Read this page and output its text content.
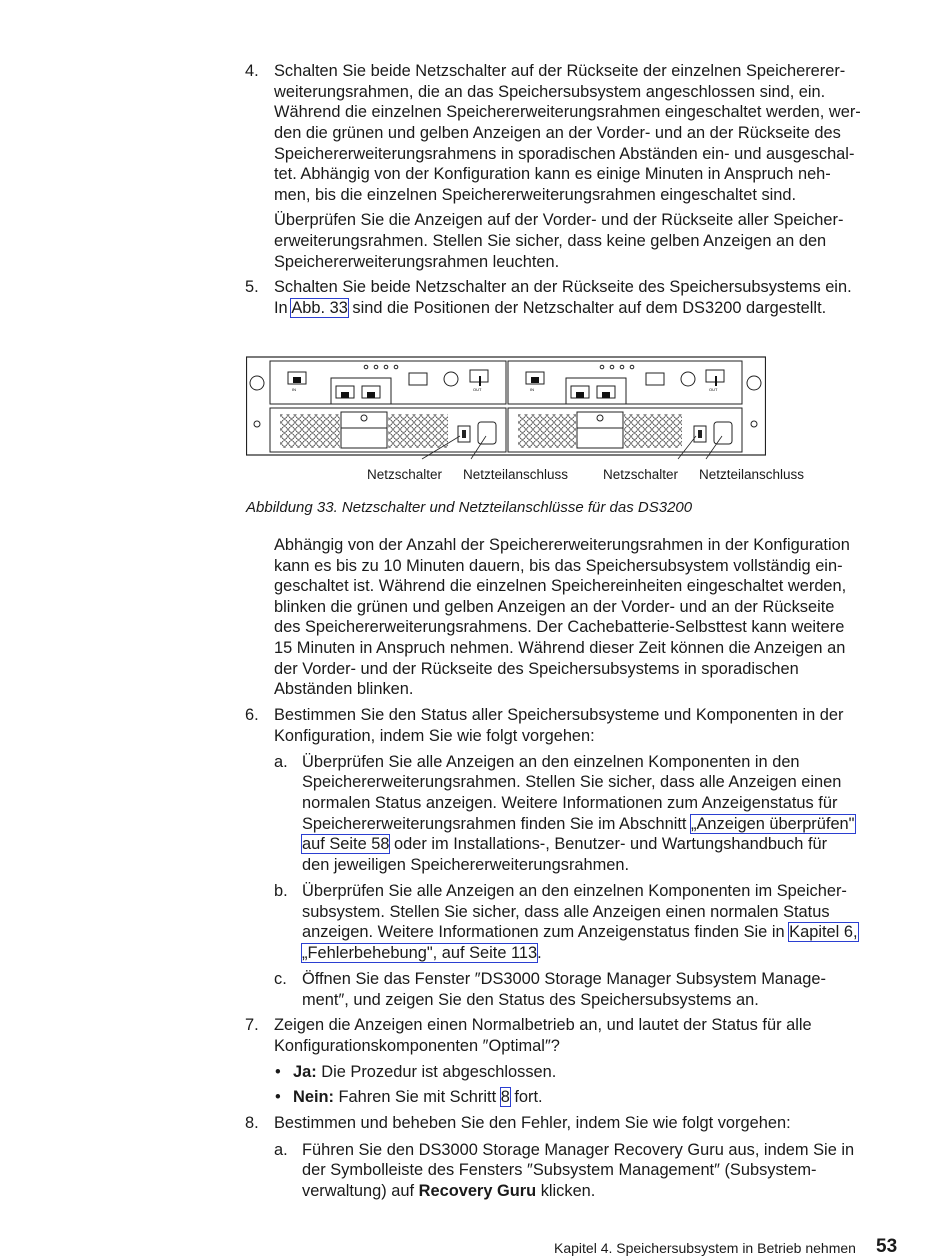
4. Schalten Sie beide Netzschalter auf der Rückseite der einzelnen Speichererer-

weiterungsrahmen, die an das Speichersubsystem angeschlossen sind, ein.

Während die einzelnen Speichererweiterungsrahmen eingeschaltet werden, wer-

den die grünen und gelben Anzeigen an der Vorder- und an der Rückseite des

Speichererweiterungsrahmens in sporadischen Abständen ein- und ausgeschal-

tet. Abhängig von der Konfiguration kann es einige Minuten in Anspruch neh-

men, bis die einzelnen Speichererweiterungsrahmen eingeschaltet sind.

Überprüfen Sie die Anzeigen auf der Vorder- und der Rückseite aller Speicher-

erweiterungsrahmen. Stellen Sie sicher, dass keine gelben Anzeigen an den

Speichererweiterungsrahmen leuchten.

5. Schalten Sie beide Netzschalter an der Rückseite des Speichersubsystems ein.

In Abb. 33 sind die Positionen der Netzschalter auf dem DS3200 dargestellt.

IN	OUT	IN	OUT
Netzschalter Netzteilanschluss	Netzschalter Netzteilanschluss
Abbildung 33. Netzschalter und Netzteilanschlüsse für das DS3200

Abhängig von der Anzahl der Speichererweiterungsrahmen in der Konfiguration

kann es bis zu 10 Minuten dauern, bis das Speichersubsystem vollständig ein-

geschaltet ist. Während die einzelnen Speichereinheiten eingeschaltet werden,

blinken die grünen und gelben Anzeigen an der Vorder- und an der Rückseite

des Speichererweiterungsrahmens. Der Cachebatterie-Selbsttest kann weitere

15 Minuten in Anspruch nehmen. Während dieser Zeit können die Anzeigen an

der Vorder- und der Rückseite des Speichersubsystems in sporadischen

Abständen blinken.

6. Bestimmen Sie den Status aller Speichersubsysteme und Komponenten in der

Konfiguration, indem Sie wie folgt vorgehen:

a. Überprüfen Sie alle Anzeigen an den einzelnen Komponenten in den

Speichererweiterungsrahmen. Stellen Sie sicher, dass alle Anzeigen einen

normalen Status anzeigen. Weitere Informationen zum Anzeigenstatus für

Speichererweiterungsrahmen finden Sie im Abschnitt „Anzeigen überprüfen"

auf Seite 58 oder im Installations-, Benutzer- und Wartungshandbuch für

den jeweiligen Speichererweiterungsrahmen.

b. Überprüfen Sie alle Anzeigen an den einzelnen Komponenten im Speicher-

subsystem. Stellen Sie sicher, dass alle Anzeigen einen normalen Status

anzeigen. Weitere Informationen zum Anzeigenstatus finden Sie in Kapitel 6,

„Fehlerbehebung", auf Seite 113.

c. Öffnen Sie das Fenster ″DS3000 Storage Manager Subsystem Manage-

ment″, und zeigen Sie den Status des Speichersubsystems an.

7. Zeigen die Anzeigen einen Normalbetrieb an, und lautet der Status für alle

Konfigurationskomponenten ″Optimal″?

• Ja: Die Prozedur ist abgeschlossen.

• Nein: Fahren Sie mit Schritt 8 fort.

8. Bestimmen und beheben Sie den Fehler, indem Sie wie folgt vorgehen:

a. Führen Sie den DS3000 Storage Manager Recovery Guru aus, indem Sie in

der Symbolleiste des Fensters ″Subsystem Management″ (Subsystem-

verwaltung) auf Recovery Guru klicken.

Kapitel 4. Speichersubsystem in Betrieb nehmen 53
